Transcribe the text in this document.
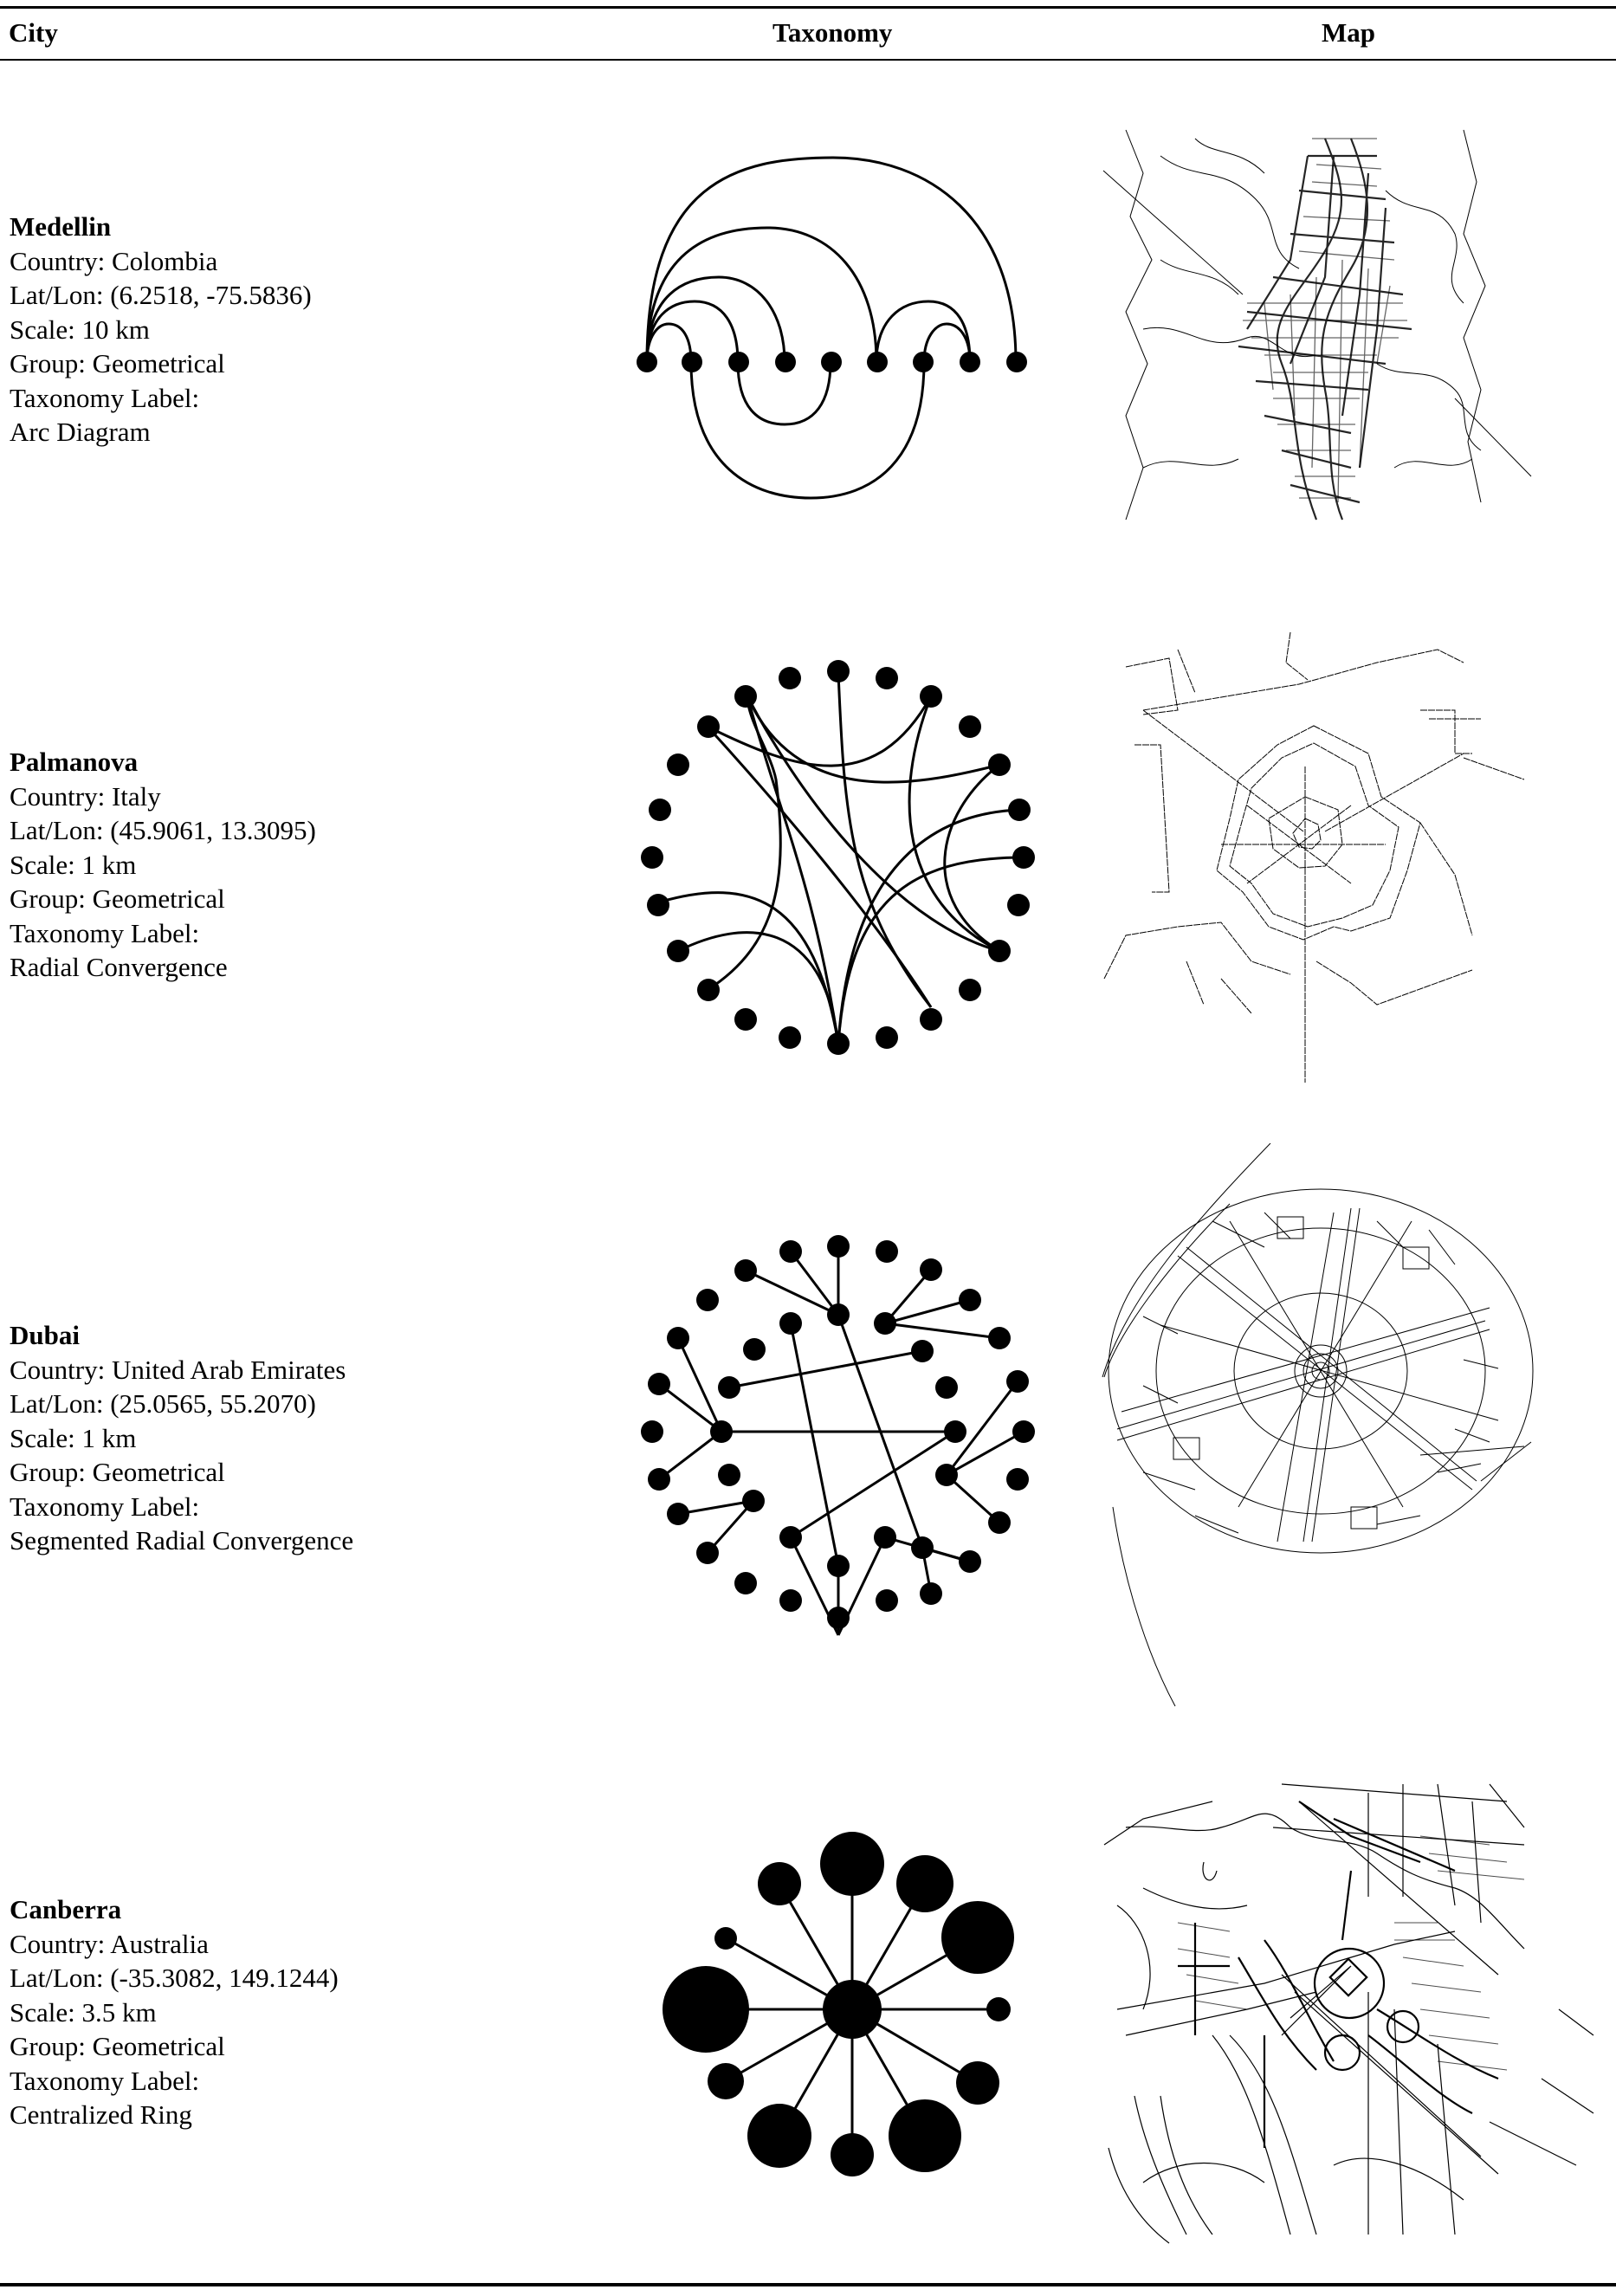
City	Taxonomy	Map
Medellin
Country: Colombia
Lat/Lon: (6.2518, -75.5836)
Scale: 10 km
Group: Geometrical
Taxonomy Label:
Arc Diagram
Palmanova
Country: Italy
Lat/Lon: (45.9061, 13.3095)
Scale: 1 km
Group: Geometrical
Taxonomy Label:
Radial Convergence
Dubai
Country: United Arab Emirates
Lat/Lon: (25.0565, 55.2070)
Scale: 1 km
Group: Geometrical
Taxonomy Label:
Segmented Radial Convergence
Canberra
Country: Australia
Lat/Lon: (-35.3082, 149.1244)
Scale: 3.5 km
Group: Geometrical
Taxonomy Label:
Centralized Ring
